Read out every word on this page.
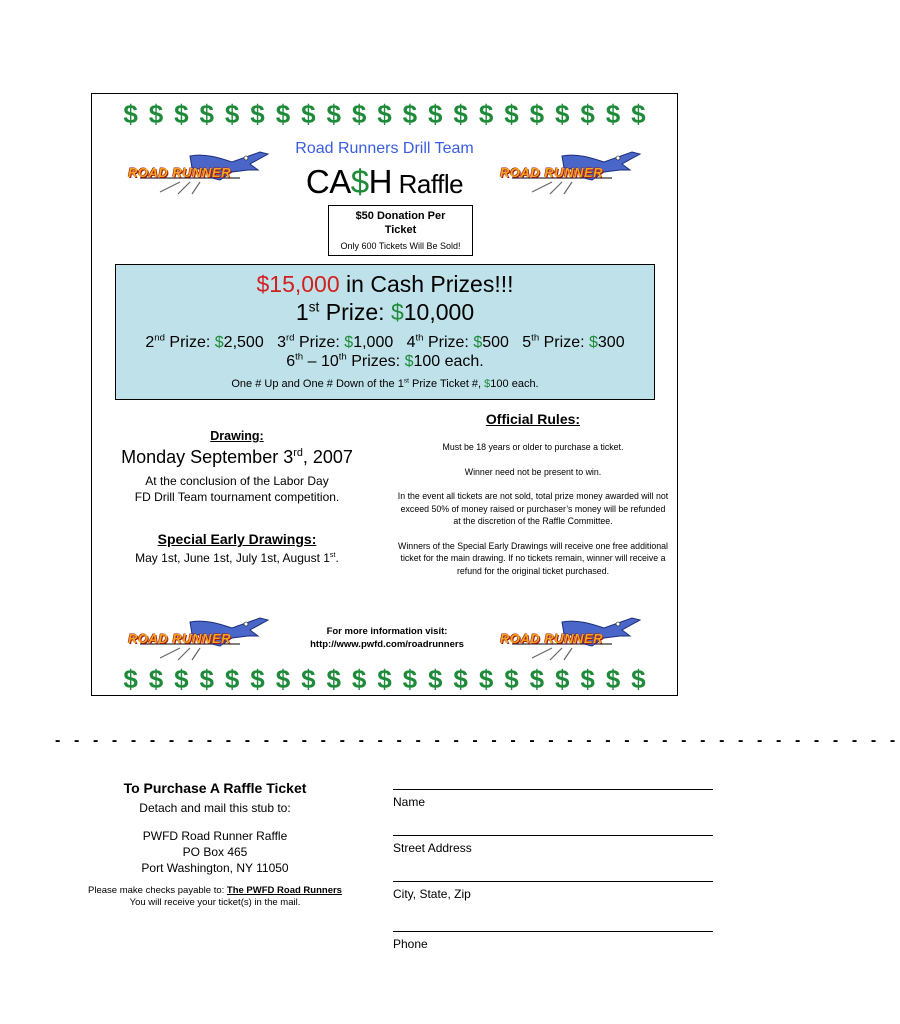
$ $ $ $ $ $ $ $ $ $ $ $ $ $ $ $ $ $ $ $ $
ROAD RUNNER	ROAD RUNNER
Road Runners Drill Team
CA$H Raffle
$50 Donation Per
Ticket
Only 600 Tickets Will Be Sold!
$15,000 in Cash Prizes!!!
1st Prize: $10,000
2nd Prize: $2,500 3rd Prize: $1,000 4th Prize: $500 5th Prize: $300
6th – 10th Prizes: $100 each.
One # Up and One # Down of the 1st Prize Ticket #, $100 each.
Drawing:
Monday September 3rd, 2007
At the conclusion of the Labor Day
FD Drill Team tournament competition.
Special Early Drawings:
May 1st, June 1st, July 1st, August 1st.
Official Rules:
Must be 18 years or older to purchase a ticket.
Winner need not be present to win.
In the event all tickets are not sold, total prize money awarded will not exceed 50% of money raised or purchaser’s money will be refunded at the discretion of the Raffle Committee.
Winners of the Special Early Drawings will receive one free additional ticket for the main drawing. If no tickets remain, winner will receive a refund for the original ticket purchased.
ROAD RUNNER	ROAD RUNNER
For more information visit:
http://www.pwfd.com/roadrunners
$ $ $ $ $ $ $ $ $ $ $ $ $ $ $ $ $ $ $ $ $
- - - - - - - - - - - - - - - - - - - - - - - - - - - - - - - - - - - - - - - - - - - - -
To Purchase A Raffle Ticket
Detach and mail this stub to:
PWFD Road Runner Raffle
PO Box 465
Port Washington, NY 11050
Please make checks payable to: The PWFD Road Runners
You will receive your ticket(s) in the mail.
Name
Street Address
City, State, Zip
Phone
